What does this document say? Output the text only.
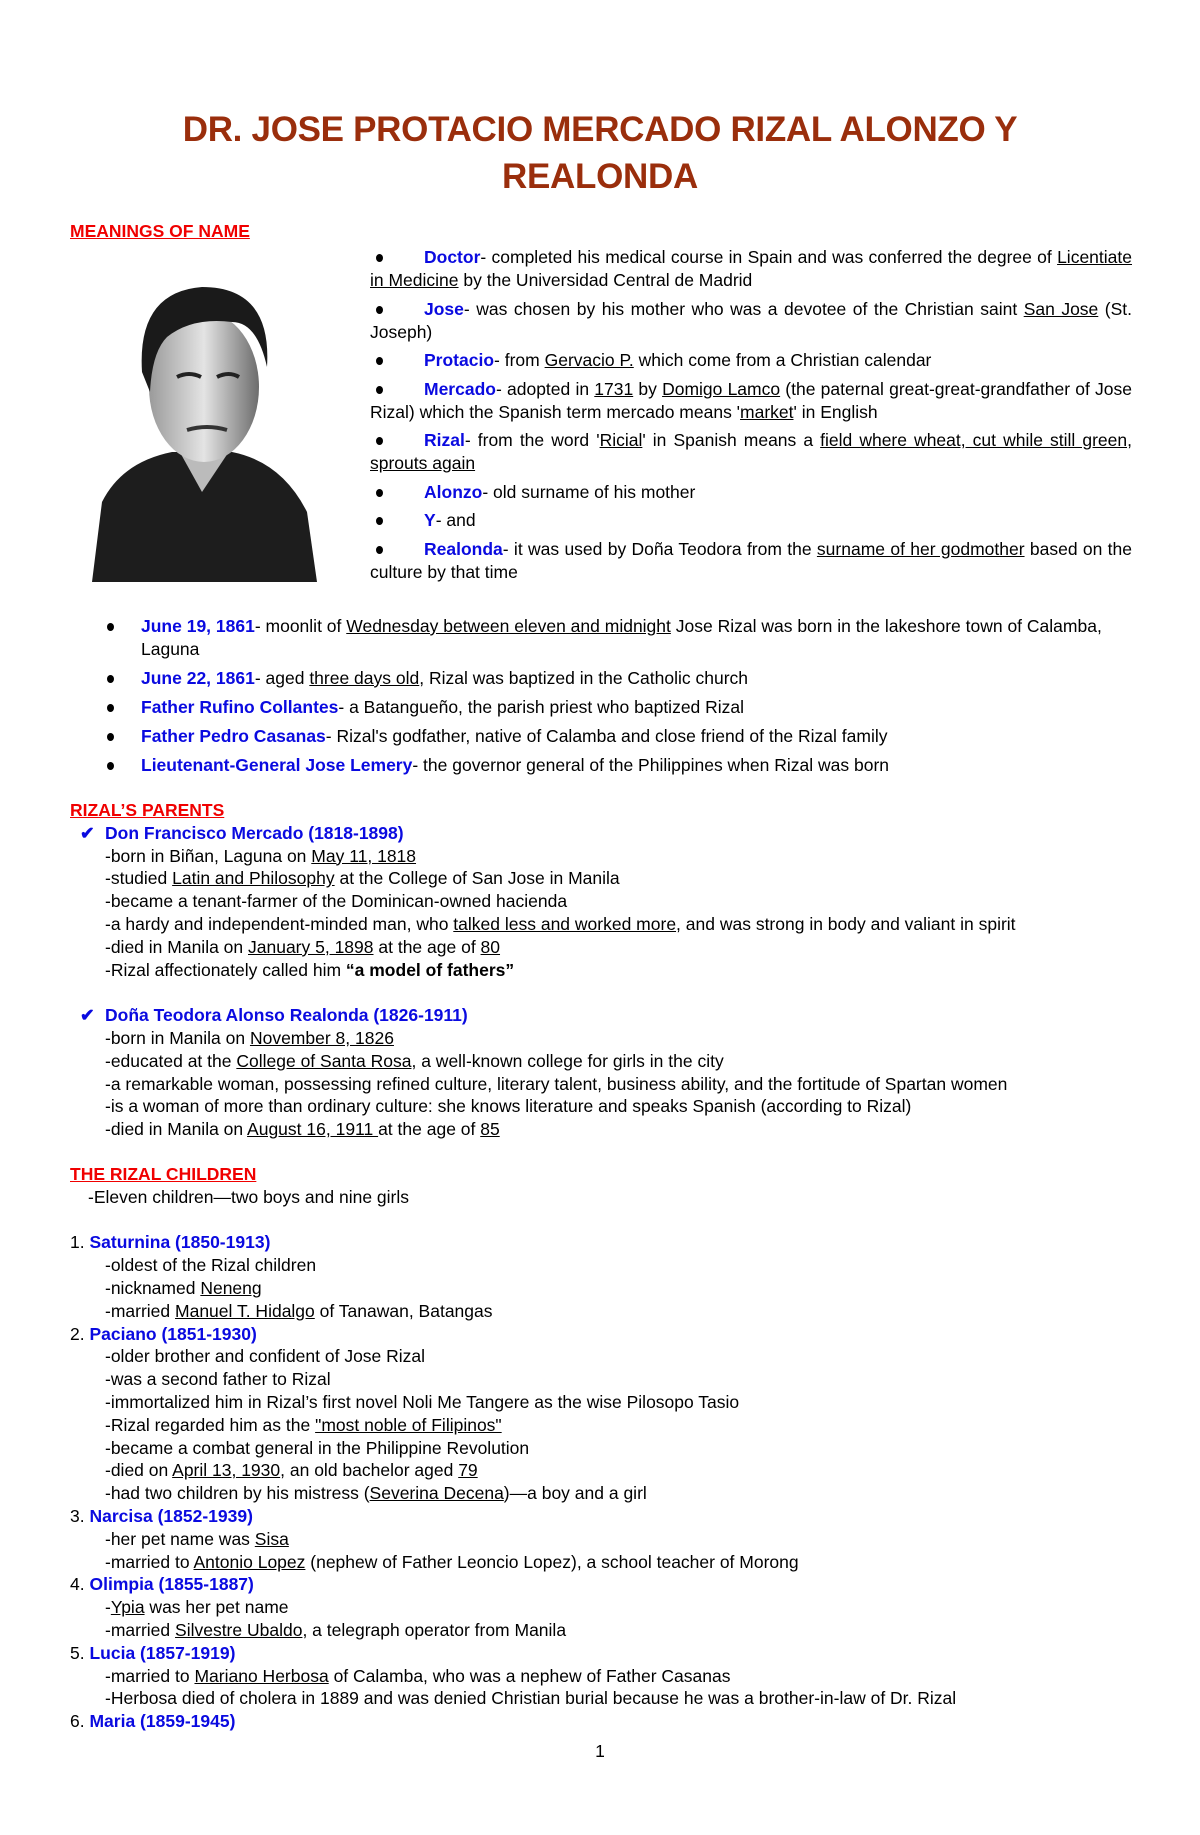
DR. JOSE PROTACIO MERCADO RIZAL ALONZO Y
REALONDA
MEANINGS OF NAME
Doctor- completed his medical course in Spain and was conferred the degree of Licentiate in Medicine by the Universidad Central de Madrid
Jose- was chosen by his mother who was a devotee of the Christian saint San Jose (St. Joseph)
Protacio- from Gervacio P. which come from a Christian calendar
Mercado- adopted in 1731 by Domigo Lamco (the paternal great-great-grandfather of Jose Rizal) which the Spanish term mercado means 'market' in English
Rizal- from the word 'Ricial' in Spanish means a field where wheat, cut while still green, sprouts again
Alonzo- old surname of his mother
Y- and
Realonda- it was used by Doña Teodora from the surname of her godmother based on the culture by that time
June 19, 1861- moonlit of Wednesday between eleven and midnight Jose Rizal was born in the lakeshore town of Calamba, Laguna
June 22, 1861- aged three days old, Rizal was baptized in the Catholic church
Father Rufino Collantes- a Batangueño, the parish priest who baptized Rizal
Father Pedro Casanas- Rizal's godfather, native of Calamba and close friend of the Rizal family
Lieutenant-General Jose Lemery- the governor general of the Philippines when Rizal was born
RIZAL’S PARENTS
✔ Don Francisco Mercado (1818-1898)
-born in Biñan, Laguna on May 11, 1818
-studied Latin and Philosophy at the College of San Jose in Manila
-became a tenant-farmer of the Dominican-owned hacienda
-a hardy and independent-minded man, who talked less and worked more, and was strong in body and valiant in spirit
-died in Manila on January 5, 1898 at the age of 80
-Rizal affectionately called him “a model of fathers”
✔ Doña Teodora Alonso Realonda (1826-1911)
-born in Manila on November 8, 1826
-educated at the College of Santa Rosa, a well-known college for girls in the city
-a remarkable woman, possessing refined culture, literary talent, business ability, and the fortitude of Spartan women
-is a woman of more than ordinary culture: she knows literature and speaks Spanish (according to Rizal)
-died in Manila on August 16, 1911 at the age of 85
THE RIZAL CHILDREN
-Eleven children—two boys and nine girls
1. Saturnina (1850-1913)
-oldest of the Rizal children
-nicknamed Neneng
-married Manuel T. Hidalgo of Tanawan, Batangas
2. Paciano (1851-1930)
-older brother and confident of Jose Rizal
-was a second father to Rizal
-immortalized him in Rizal’s first novel Noli Me Tangere as the wise Pilosopo Tasio
-Rizal regarded him as the "most noble of Filipinos"
-became a combat general in the Philippine Revolution
-died on April 13, 1930, an old bachelor aged 79
-had two children by his mistress (Severina Decena)—a boy and a girl
3. Narcisa (1852-1939)
-her pet name was Sisa
-married to Antonio Lopez (nephew of Father Leoncio Lopez), a school teacher of Morong
4. Olimpia (1855-1887)
-Ypia was her pet name
-married Silvestre Ubaldo, a telegraph operator from Manila
5. Lucia (1857-1919)
-married to Mariano Herbosa of Calamba, who was a nephew of Father Casanas
-Herbosa died of cholera in 1889 and was denied Christian burial because he was a brother-in-law of Dr. Rizal
6. Maria (1859-1945)
1
